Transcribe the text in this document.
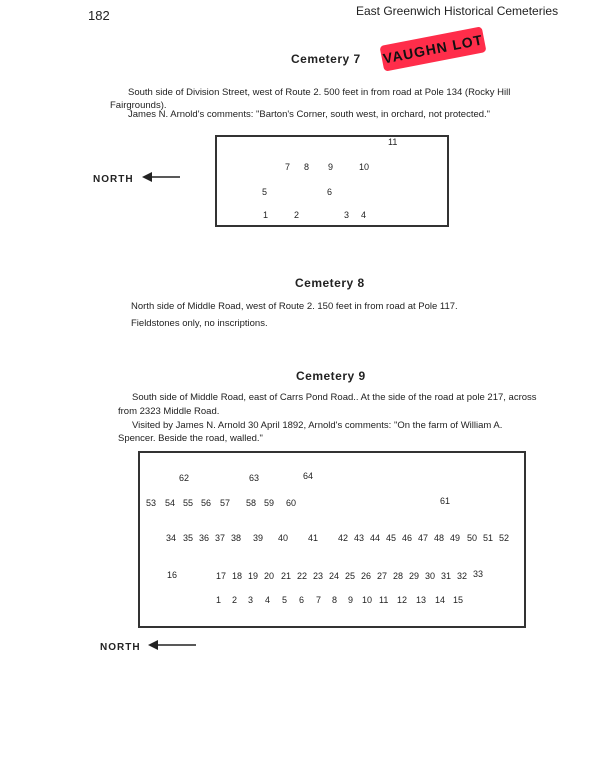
182	East Greenwich Historical Cemeteries
VAUGHN LOT
Cemetery 7
South side of Division Street, west of Route 2. 500 feet in from road at Pole 134 (Rocky Hill
Fairgrounds).
James N. Arnold's comments: "Barton's Corner, south west, in orchard, not protected."
NORTH
11
7 8 9	10
5	6
1	2	3 4
Cemetery 8
North side of Middle Road, west of Route 2. 150 feet in from road at Pole 117.
Fieldstones only, no inscriptions.
Cemetery 9
South side of Middle Road, east of Carrs Pond Road.. At the side of the road at pole 217, across
from 2323 Middle Road.
Visited by James N. Arnold 30 April 1892, Arnold's comments: "On the farm of William A.
Spencer. Beside the road, walled."
62	63	64
53 54 55 56 57 58 59 60	61
34 35 36 37 38 39 40 41 42 43 44 45 46 47 48 49 50 51 52
16	17 18 19 20 21 22 23 24 25 26 27 28 29 30 31 32 33
1 2 3 4 5 6 7 8 9 10 11 12 13 14 15
NORTH
